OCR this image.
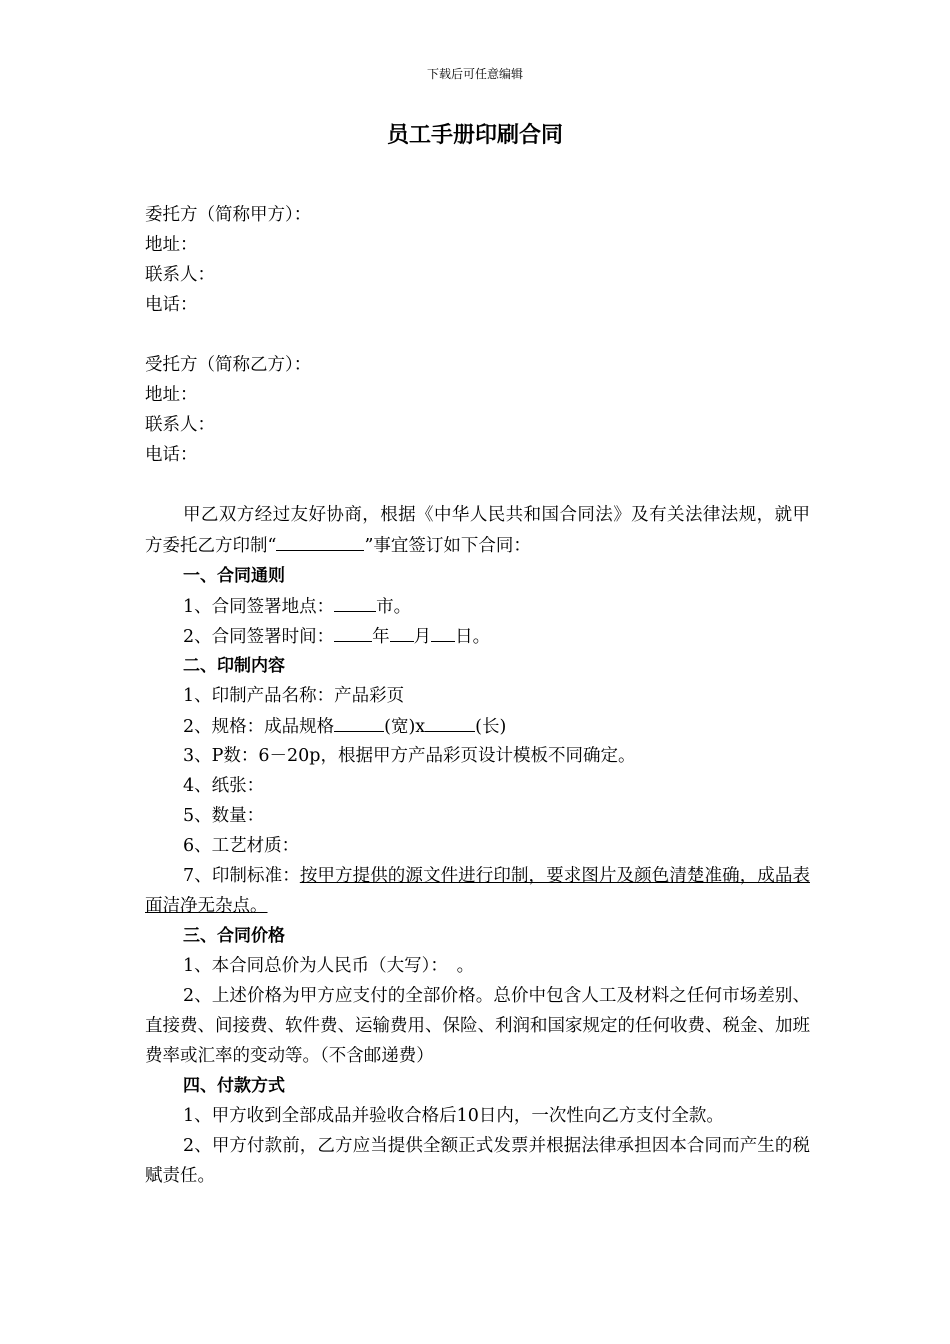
下载后可任意编辑
员工手册印刷合同
委托方（简称甲方）：
地址：
联系人：
电话：
受托方（简称乙方）：
地址：
联系人：
电话：
甲乙双方经过友好协商，根据《中华人民共和国合同法》及有关法律法规，就甲方委托乙方印制“	”事宜签订如下合同：
一、合同通则
1、合同签署地点： 市。
2、合同签署时间： 年 月 日。
二、印制内容
1、印制产品名称：产品彩页
2、规格：成品规格	(宽)x	(长)
3、P数：6－20p，根据甲方产品彩页设计模板不同确定。
4、纸张：
5、数量：
6、工艺材质：
7、印制标准：按甲方提供的源文件进行印制，要求图片及颜色清楚准确，成品表面洁净无杂点。
三、合同价格
1、本合同总价为人民币（大写）：　。
2、上述价格为甲方应支付的全部价格。总价中包含人工及材料之任何市场差别、直接费、间接费、软件费、运输费用、保险、利润和国家规定的任何收费、税金、加班费率或汇率的变动等。（不含邮递费）
四、付款方式
1、甲方收到全部成品并验收合格后10日内，一次性向乙方支付全款。
2、甲方付款前，乙方应当提供全额正式发票并根据法律承担因本合同而产生的税赋责任。
